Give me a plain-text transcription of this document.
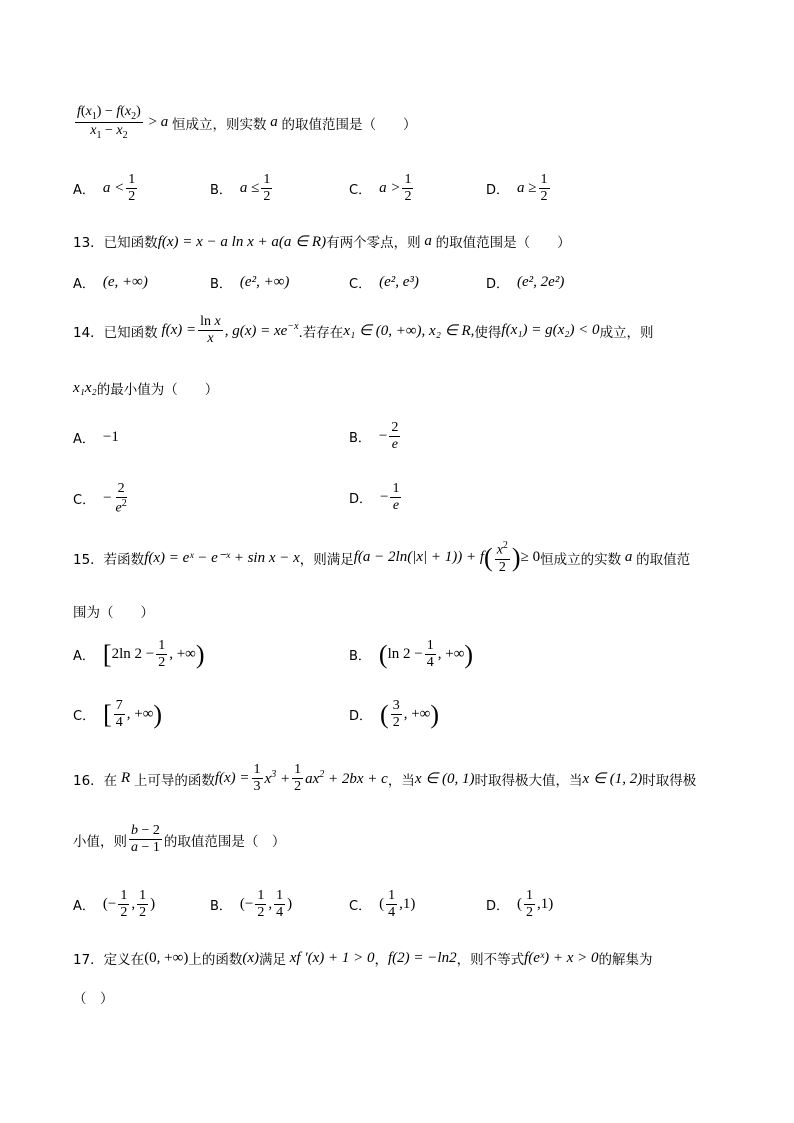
$\frac{f(x_1) - f(x_2)}{x_1 - x_2} > a$ 恒成立，则实数 a 的取值范围是（　　）
A． $a < \frac{1}{2}$	B． $a \le \frac{1}{2}$	C． $a > \frac{1}{2}$	D． $a \ge \frac{1}{2}$
13．已知函数 f(x) = x − a ln x + a(a ∈ R) 有两个零点，则 a 的取值范围是（　　）
A． (e, +∞)	B． (e², +∞)	C． (e², e³)	D． (e², 2e²)
14．已知函数 $f(x) = \frac{\text{ln x}}{x}$ , $g(x) = xe^{-x}$ .若存在 x₁ ∈ (0, +∞), x₂ ∈ R, 使得 f(x₁) = g(x₂) < 0 成立，则
x₁x₂ 的最小值为（　　）
A． −1	B． − $\frac{2}{e}$
C． − $\frac{2}{e^2}$	D． − $\frac{1}{e}$
15．若函数 f(x) = eˣ − e⁻ˣ + sin x − x ，则满足 f(a − 2ln(|x| + 1)) + f ( $\frac{x^2}{2}$ ) ≥ 0 恒成立的实数 a 的取值范
围为（　　）
A． [ 2ln $2 - \frac{1}{2}$ , +∞ )	B． ( $\ln 2 - \frac{1}{4}$ , +∞ )
C． [ $\frac{7}{4}$ , +∞ )	D． ( $\frac{3}{2}$ , +∞ )
16．在 R 上可导的函数 $f(x) = \frac{1}{3} x^3 + \frac{1}{2} ax^2 + 2bx + c$ ，当 x ∈ (0, 1) 时取得极大值，当 x ∈ (1, 2) 时取得极
小值，则 $\frac{b - 2}{a - 1}$ 的取值范围是（　）
A． (− $\frac{1}{2}$ , $\frac{1}{2}$ )	B． (− $\frac{1}{2}$ , $\frac{1}{4}$ )	C． ( $\frac{1}{4} ,1$)	D． ( $\frac{1}{2} ,1$)
17．定义在 (0, +∞) 上的函数 (x) 满足
xf ′(x) + 1 > 0 ， f(2) = −ln2 ，则不等式 f(eˣ) + x > 0 的解集为
（　）
